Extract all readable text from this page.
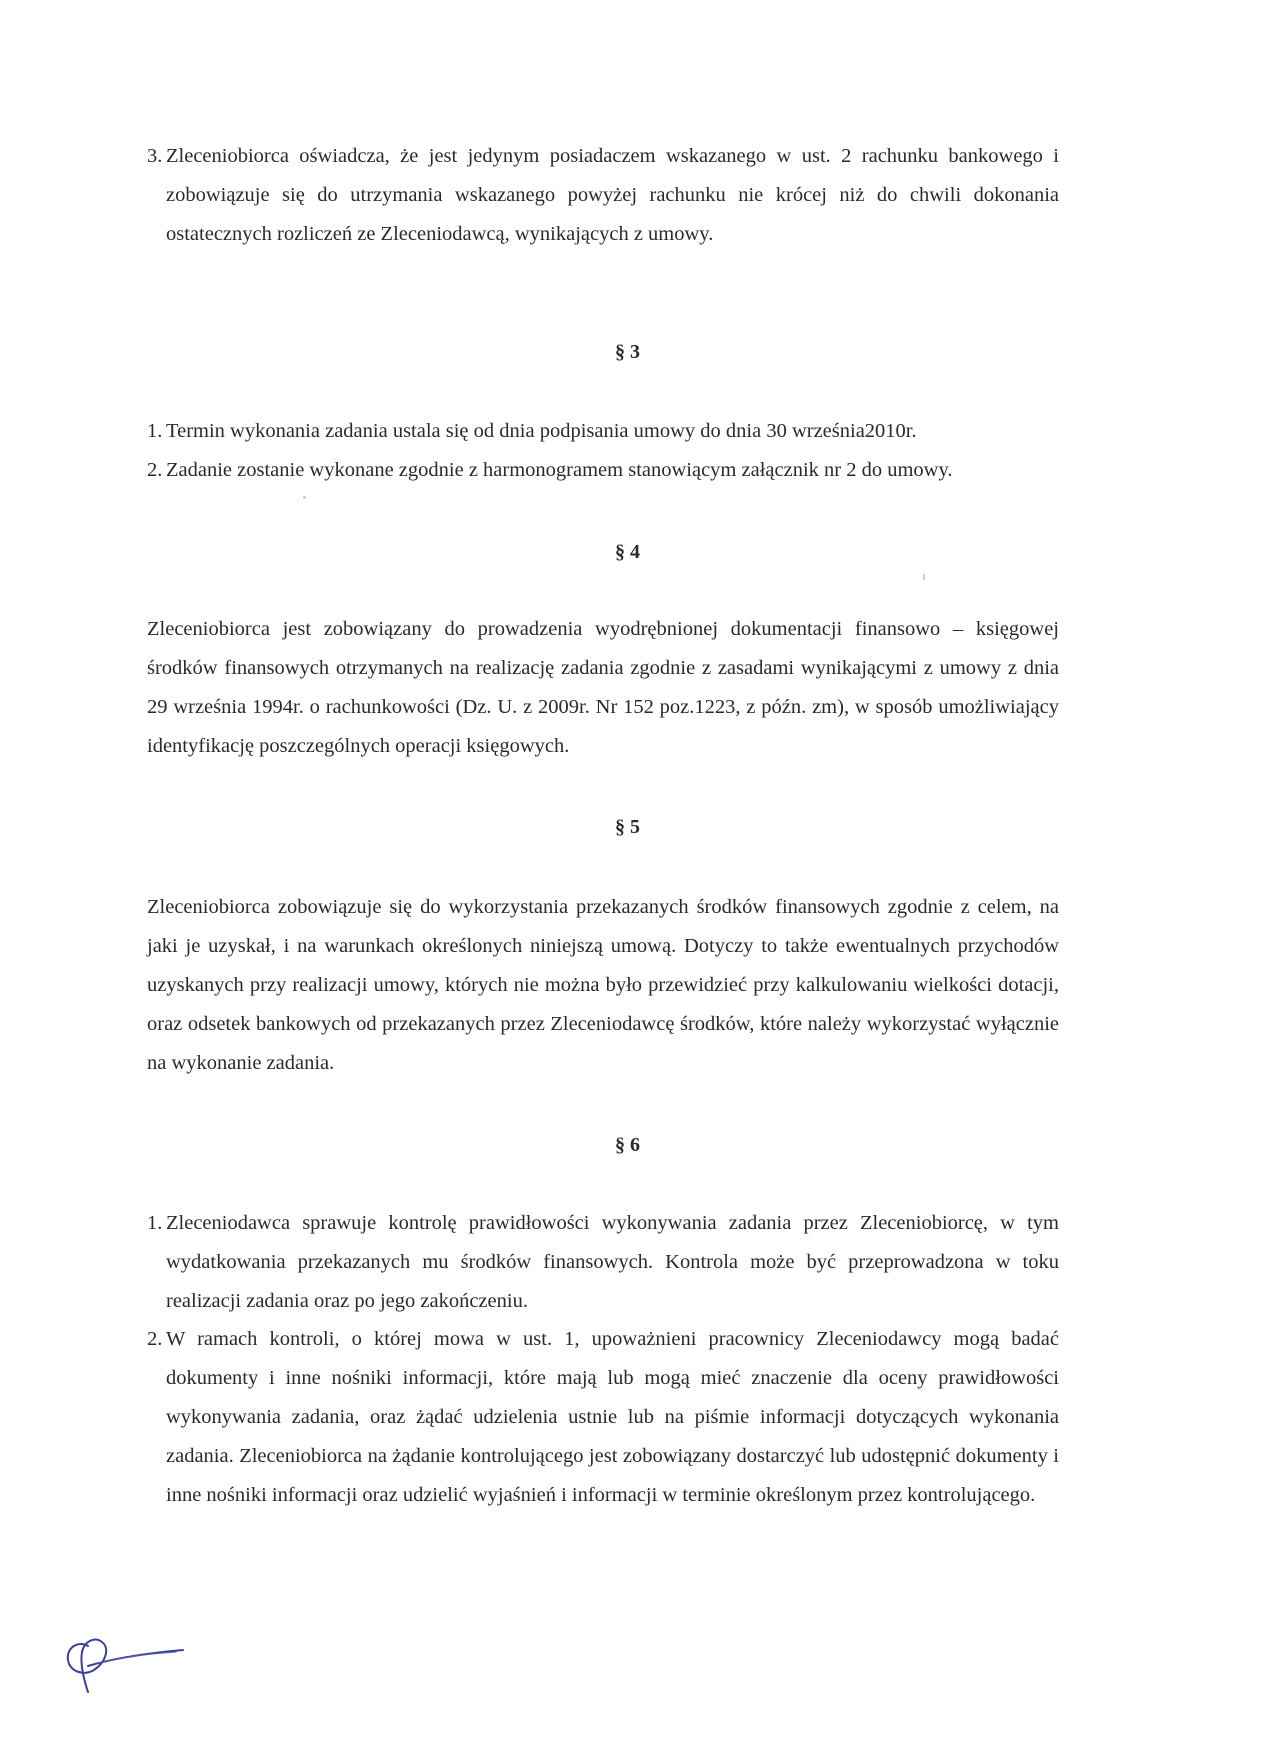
3. Zleceniobiorca oświadcza, że jest jedynym posiadaczem wskazanego w ust. 2 rachunku bankowego i zobowiązuje się do utrzymania wskazanego powyżej rachunku nie krócej niż do chwili dokonania ostatecznych rozliczeń ze Zleceniodawcą, wynikających z umowy.
§ 3
1. Termin wykonania zadania ustala się od dnia podpisania umowy do dnia 30 września2010r.
2. Zadanie zostanie wykonane zgodnie z harmonogramem stanowiącym załącznik nr 2 do umowy.
§ 4

Zleceniobiorca jest zobowiązany do prowadzenia wyodrębnionej dokumentacji finansowo – księgowej środków finansowych otrzymanych na realizację zadania zgodnie z zasadami wynikającymi z umowy z dnia 29 września 1994r. o rachunkowości (Dz. U. z 2009r. Nr 152 poz.1223, z późn. zm), w sposób umożliwiający identyfikację poszczególnych operacji księgowych.

§ 5

Zleceniobiorca zobowiązuje się do wykorzystania przekazanych środków finansowych zgodnie z celem, na jaki je uzyskał, i na warunkach określonych niniejszą umową. Dotyczy to także ewentualnych przychodów uzyskanych przy realizacji umowy, których nie można było przewidzieć przy kalkulowaniu wielkości dotacji, oraz odsetek bankowych od przekazanych przez Zleceniodawcę środków, które należy wykorzystać wyłącznie na wykonanie zadania.

§ 6
1. Zleceniodawca sprawuje kontrolę prawidłowości wykonywania zadania przez Zleceniobiorcę, w tym wydatkowania przekazanych mu środków finansowych. Kontrola może być przeprowadzona w toku realizacji zadania oraz po jego zakończeniu.
2. W ramach kontroli, o której mowa w ust. 1, upoważnieni pracownicy Zleceniodawcy mogą badać dokumenty i inne nośniki informacji, które mają lub mogą mieć znaczenie dla oceny prawidłowości wykonywania zadania, oraz żądać udzielenia ustnie lub na piśmie informacji dotyczących wykonania zadania. Zleceniobiorca na żądanie kontrolującego jest zobowiązany dostarczyć lub udostępnić dokumenty i inne nośniki informacji oraz udzielić wyjaśnień i informacji w terminie określonym przez kontrolującego.
